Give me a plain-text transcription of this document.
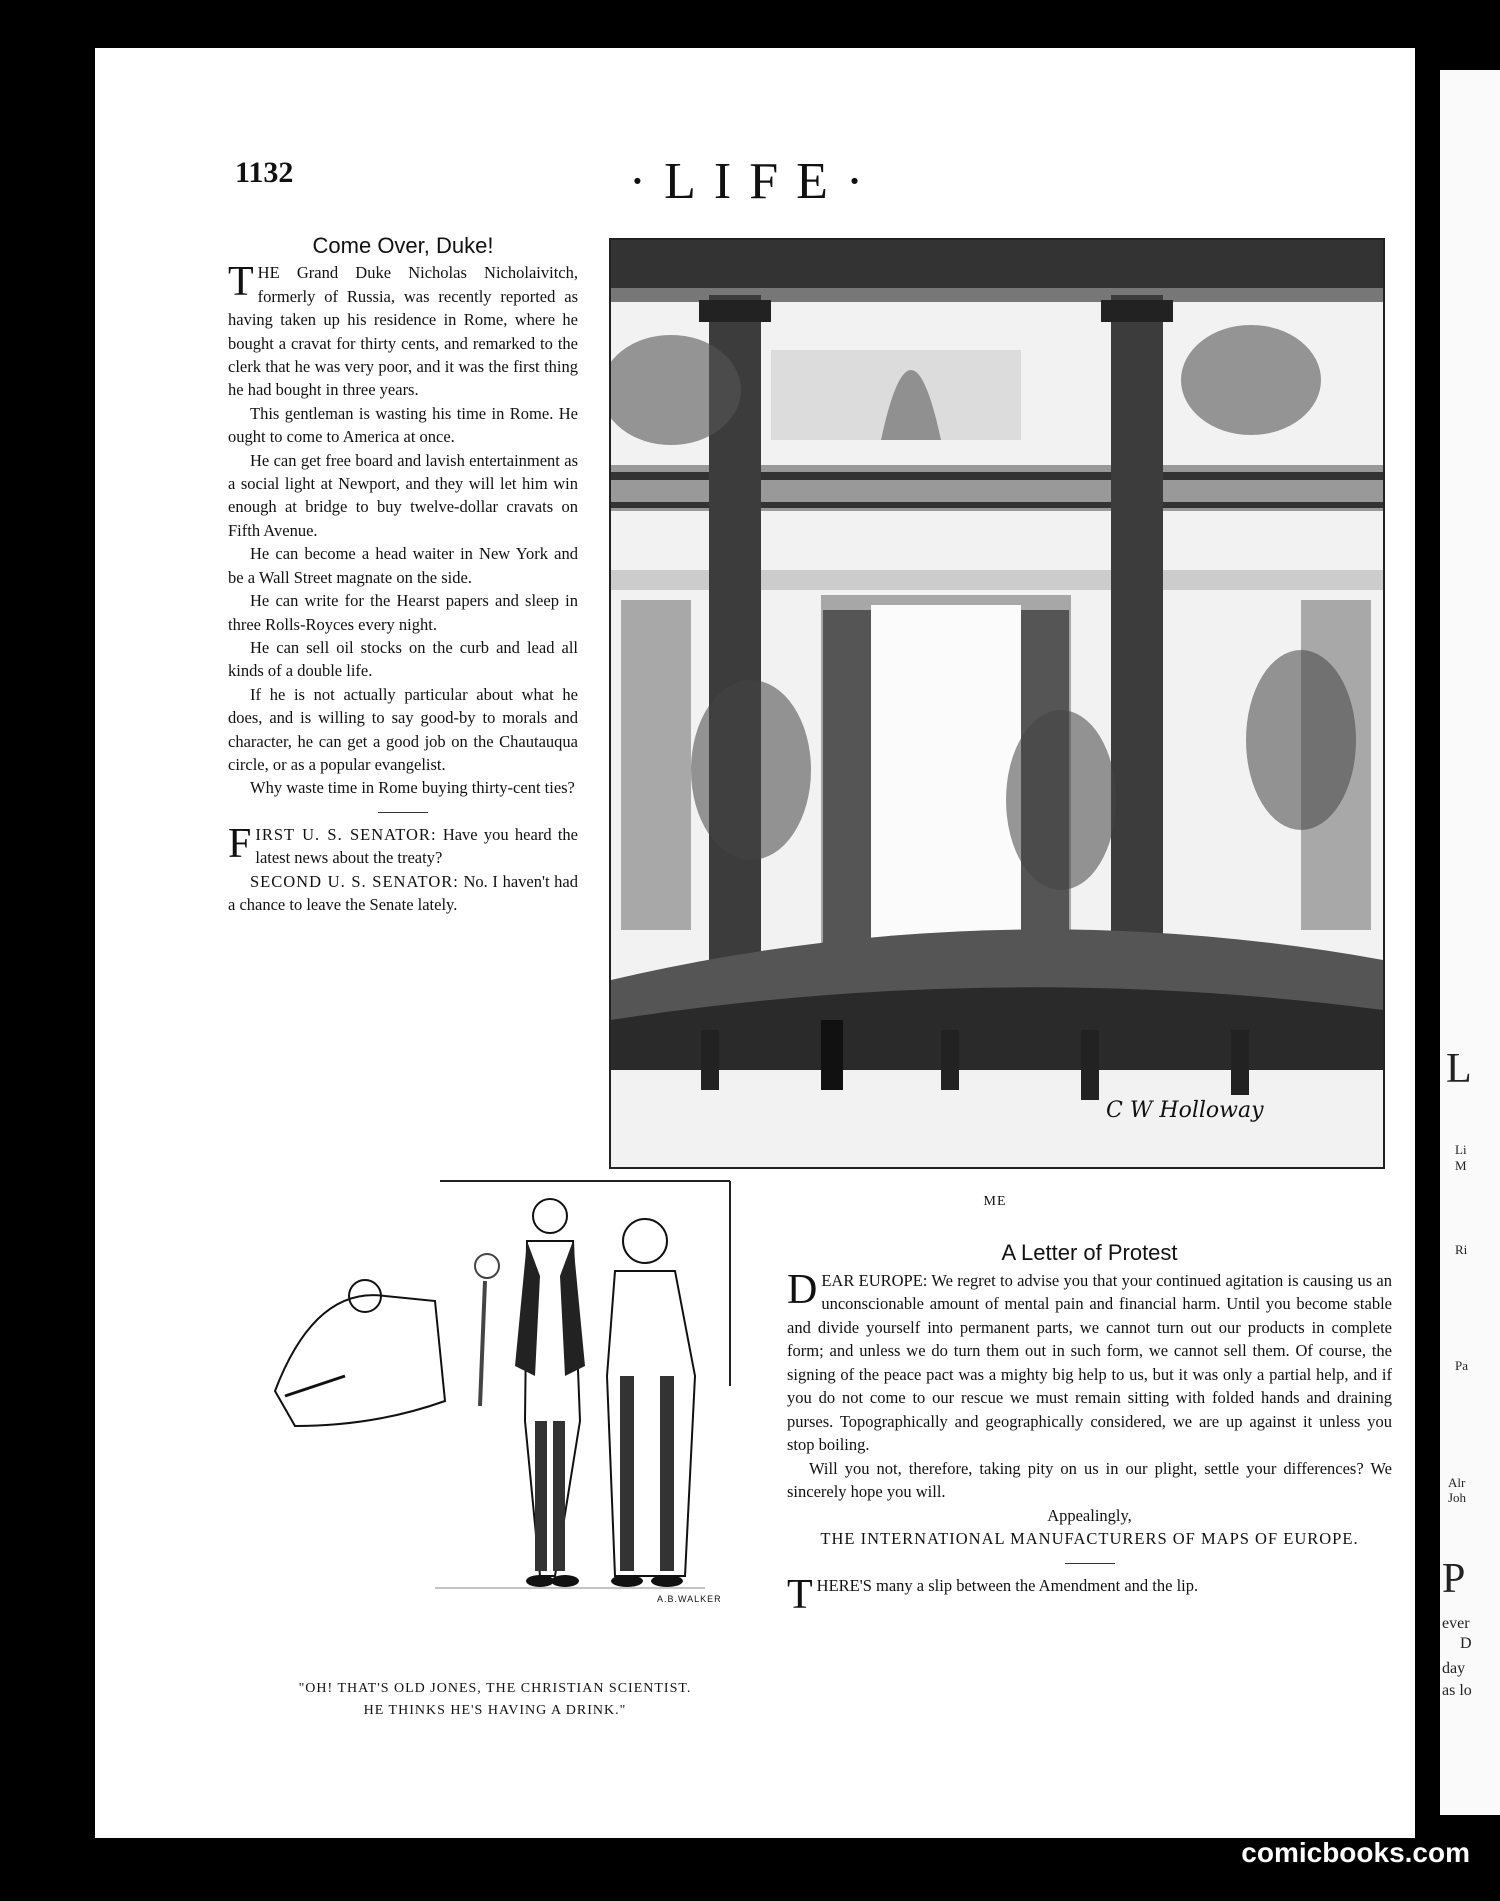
1132	·LIFE·
Come Over, Duke!

THE Grand Duke Nicholas Nicholaivitch, formerly of Russia, was recently reported as having taken up his residence in Rome, where he bought a cravat for thirty cents, and remarked to the clerk that he was very poor, and it was the first thing he had bought in three years.

This gentleman is wasting his time in Rome. He ought to come to America at once.

He can get free board and lavish entertainment as a social light at Newport, and they will let him win enough at bridge to buy twelve-dollar cravats on Fifth Avenue.

He can become a head waiter in New York and be a Wall Street magnate on the side.

He can write for the Hearst papers and sleep in three Rolls-Royces every night.

He can sell oil stocks on the curb and lead all kinds of a double life.

If he is not actually particular about what he does, and is willing to say good-by to morals and character, he can get a good job on the Chautauqua circle, or as a popular evangelist.

Why waste time in Rome buying thirty-cent ties?

FIRST U. S. SENATOR: Have you heard the latest news about the treaty?

SECOND U. S. SENATOR: No. I haven't had a chance to leave the Senate lately.

C W Holloway
ME
A.B.WALKER
"OH! THAT'S OLD JONES, THE CHRISTIAN SCIENTIST.
HE THINKS HE'S HAVING A DRINK."
A Letter of Protest

DEAR EUROPE: We regret to advise you that your continued agitation is causing us an unconscionable amount of mental pain and financial harm. Until you become stable and divide yourself into permanent parts, we cannot turn out our products in complete form; and unless we do turn them out in such form, we cannot sell them. Of course, the signing of the peace pact was a mighty big help to us, but it was only a partial help, and if you do not come to our rescue we must remain sitting with folded hands and draining purses. Topographically and geographically considered, we are up against it unless you stop boiling.

Will you not, therefore, taking pity on us in our plight, settle your differences? We sincerely hope you will.

Appealingly,
THE INTERNATIONAL MANUFACTURERS OF MAPS OF EUROPE.

THERE'S many a slip between the Amendment and the lip.

L
Li
M
Ri
Pa
Alr
Joh
P
ever
D
day
as lo
comicbooks.com
